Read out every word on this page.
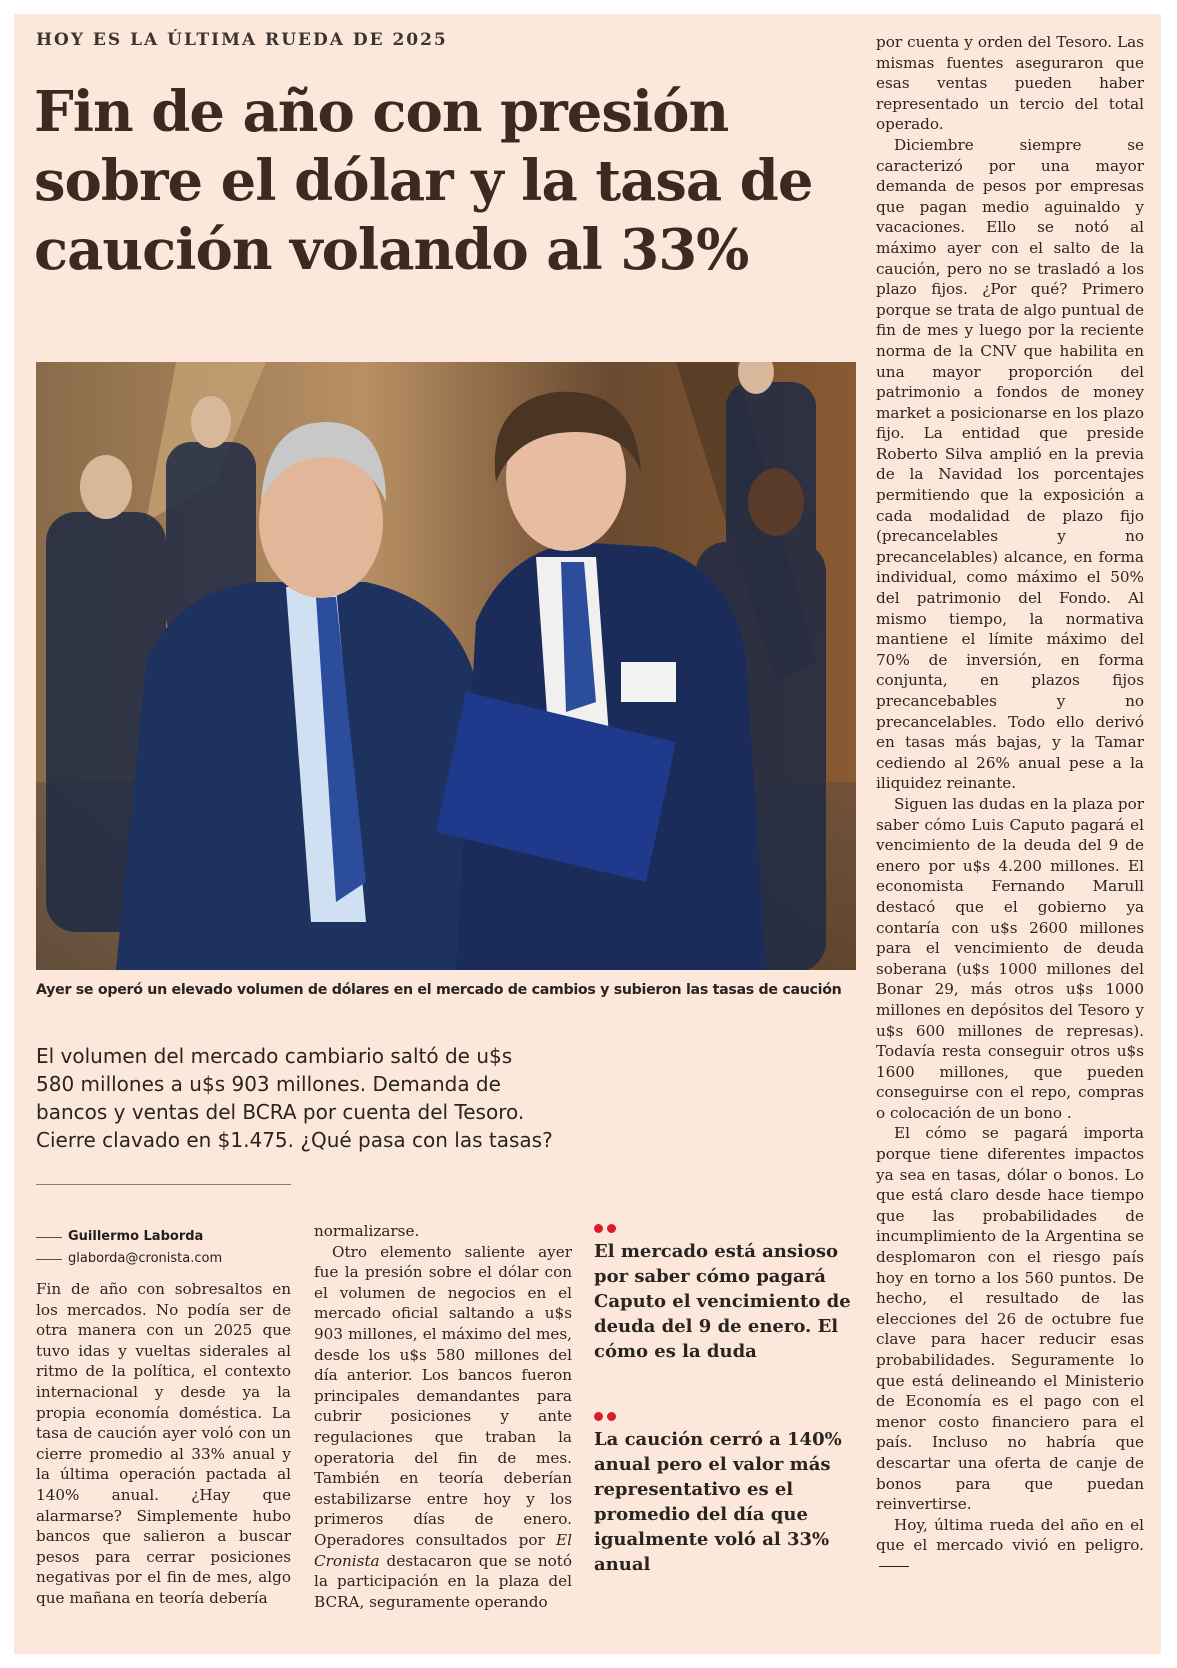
HOY ES LA ÚLTIMA RUEDA DE 2025
Fin de año con presión sobre el dólar y la tasa de caución volando al 33%
Ayer se operó un elevado volumen de dólares en el mercado de cambios y subieron las tasas de caución
El volumen del mercado cambiario saltó de u$s 580 millones a u$s 903 millones. Demanda de bancos y ventas del BCRA por cuenta del Tesoro. Cierre clavado en $1.475. ¿Qué pasa con las tasas?
Guillermo Laborda
glaborda@cronista.com

Fin de año con sobresaltos en los mercados. No podía ser de otra manera con un 2025 que tuvo idas y vueltas siderales al ritmo de la política, el contexto internacional y desde ya la propia economía doméstica. La tasa de caución ayer voló con un cierre promedio al 33% anual y la última operación pactada al 140% anual. ¿Hay que alarmarse? Simplemente hubo bancos que salieron a buscar pesos para cerrar posiciones negativas por el fin de mes, algo que mañana en teoría debería

normalizarse.

Otro elemento saliente ayer fue la presión sobre el dólar con el volumen de negocios en el mercado oficial saltando a u$s 903 millones, el máximo del mes, desde los u$s 580 millones del día anterior. Los bancos fueron principales demandantes para cubrir posiciones y ante regulaciones que traban la operatoria del fin de mes. También en teoría deberían estabilizarse entre hoy y los primeros días de enero. Operadores consultados por El Cronista destacaron que se notó la participación en la plaza del BCRA, seguramente operando

El mercado está ansioso por saber cómo pagará Caputo el vencimiento de deuda del 9 de enero. El cómo es la duda
La caución cerró a 140% anual pero el valor más representativo es el promedio del día que igualmente voló al 33% anual

por cuenta y orden del Tesoro. Las mismas fuentes aseguraron que esas ventas pueden haber representado un tercio del total operado.

Diciembre siempre se caracterizó por una mayor demanda de pesos por empresas que pagan medio aguinaldo y vacaciones. Ello se notó al máximo ayer con el salto de la caución, pero no se trasladó a los plazo fijos. ¿Por qué? Primero porque se trata de algo puntual de fin de mes y luego por la reciente norma de la CNV que habilita en una mayor proporción del patrimonio a fondos de money market a posicionarse en los plazo fijo. La entidad que preside Roberto Silva amplió en la previa de la Navidad los porcentajes permitiendo que la exposición a cada modalidad de plazo fijo (precancelables y no precancelables) alcance, en forma individual, como máximo el 50% del patrimonio del Fondo. Al mismo tiempo, la normativa mantiene el límite máximo del 70% de inversión, en forma conjunta, en plazos fijos precancebables y no precancelables. Todo ello derivó en tasas más bajas, y la Tamar cediendo al 26% anual pese a la iliquidez reinante.

Siguen las dudas en la plaza por saber cómo Luis Caputo pagará el vencimiento de la deuda del 9 de enero por u$s 4.200 millones. El economista Fernando Marull destacó que el gobierno ya contaría con u$s 2600 millones para el vencimiento de deuda soberana (u$s 1000 millones del Bonar 29, más otros u$s 1000 millones en depósitos del Tesoro y u$s 600 millones de represas). Todavía resta conseguir otros u$s 1600 millones, que pueden conseguirse con el repo, compras o colocación de un bono .

El cómo se pagará importa porque tiene diferentes impactos ya sea en tasas, dólar o bonos. Lo que está claro desde hace tiempo que las probabilidades de incumplimiento de la Argentina se desplomaron con el riesgo país hoy en torno a los 560 puntos. De hecho, el resultado de las elecciones del 26 de octubre fue clave para hacer reducir esas probabilidades. Seguramente lo que está delineando el Ministerio de Economía es el pago con el menor costo financiero para el país. Incluso no habría que descartar una oferta de canje de bonos para que puedan reinvertirse.

Hoy, última rueda del año en el que el mercado vivió en peligro.
